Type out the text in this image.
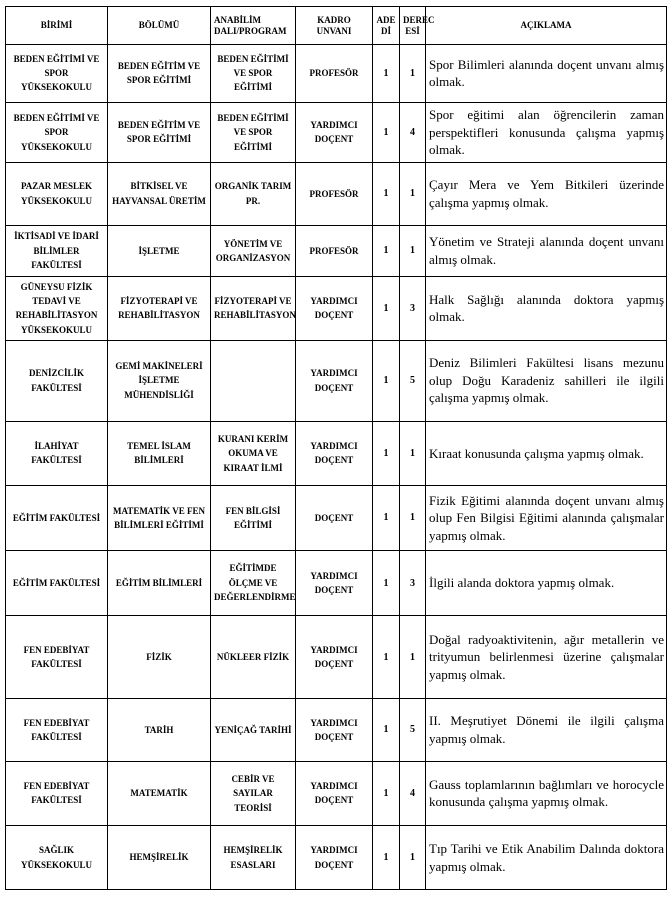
BİRİMİ	BÖLÜMÜ	ANABİLİM DALI/PROGRAM	KADRO UNVANI	ADE Dİ	DEREC ESİ	AÇIKLAMA
BEDEN EĞİTİMİ VE SPOR YÜKSEKOKULU	BEDEN EĞİTİM VE SPOR EĞİTİMİ	BEDEN EĞİTİMİ VE SPOR EĞİTİMİ	PROFESÖR	1	1	Spor Bilimleri alanında doçent unvanı almış olmak.
BEDEN EĞİTİMİ VE SPOR YÜKSEKOKULU	BEDEN EĞİTİM VE SPOR EĞİTİMİ	BEDEN EĞİTİMİ VE SPOR EĞİTİMİ	YARDIMCI DOÇENT	1	4	Spor eğitimi alan öğrencilerin zaman perspektifleri konusunda çalışma yapmış olmak.
PAZAR MESLEK YÜKSEKOKULU	BİTKİSEL VE HAYVANSAL ÜRETİM	ORGANİK TARIM PR.	PROFESÖR	1	1	Çayır Mera ve Yem Bitkileri üzerinde çalışma yapmış olmak.
İKTİSADİ VE İDARİ BİLİMLER FAKÜLTESİ	İŞLETME	YÖNETİM VE ORGANİZASYON	PROFESÖR	1	1	Yönetim ve Strateji alanında doçent unvanı almış olmak.
GÜNEYSU FİZİK TEDAVİ VE REHABİLİTASYON YÜKSEKOKULU	FİZYOTERAPİ VE REHABİLİTASYON	FİZYOTERAPİ VE REHABİLİTASYON	YARDIMCI DOÇENT	1	3	Halk Sağlığı alanında doktora yapmış olmak.
DENİZCİLİK FAKÜLTESİ	GEMİ MAKİNELERİ İŞLETME MÜHENDİSLİĞİ		YARDIMCI DOÇENT	1	5	Deniz Bilimleri Fakültesi lisans mezunu olup Doğu Karadeniz sahilleri ile ilgili çalışma yapmış olmak.
İLAHİYAT FAKÜLTESİ	TEMEL İSLAM BİLİMLERİ	KURANI KERİM OKUMA VE KIRAAT İLMİ	YARDIMCI DOÇENT	1	1	Kıraat konusunda çalışma yapmış olmak.
EĞİTİM FAKÜLTESİ	MATEMATİK VE FEN BİLİMLERİ EĞİTİMİ	FEN BİLGİSİ EĞİTİMİ	DOÇENT	1	1	Fizik Eğitimi alanında doçent unvanı almış olup Fen Bilgisi Eğitimi alanında çalışmalar yapmış olmak.
EĞİTİM FAKÜLTESİ	EĞİTİM BİLİMLERİ	EĞİTİMDE ÖLÇME VE DEĞERLENDİRME	YARDIMCI DOÇENT	1	3	İlgili alanda doktora yapmış olmak.
FEN EDEBİYAT FAKÜLTESİ	FİZİK	NÜKLEER FİZİK	YARDIMCI DOÇENT	1	1	Doğal radyoaktivitenin, ağır metallerin ve trityumun belirlenmesi üzerine çalışmalar yapmış olmak.
FEN EDEBİYAT FAKÜLTESİ	TARİH	YENİÇAĞ TARİHİ	YARDIMCI DOÇENT	1	5	II. Meşrutiyet Dönemi ile ilgili çalışma yapmış olmak.
FEN EDEBİYAT FAKÜLTESİ	MATEMATİK	CEBİR VE SAYILAR TEORİSİ	YARDIMCI DOÇENT	1	4	Gauss toplamlarının bağlımları ve horocycle konusunda çalışma yapmış olmak.
SAĞLIK YÜKSEKOKULU	HEMŞİRELİK	HEMŞİRELİK ESASLARI	YARDIMCI DOÇENT	1	1	Tıp Tarihi ve Etik Anabilim Dalında doktora yapmış olmak.
